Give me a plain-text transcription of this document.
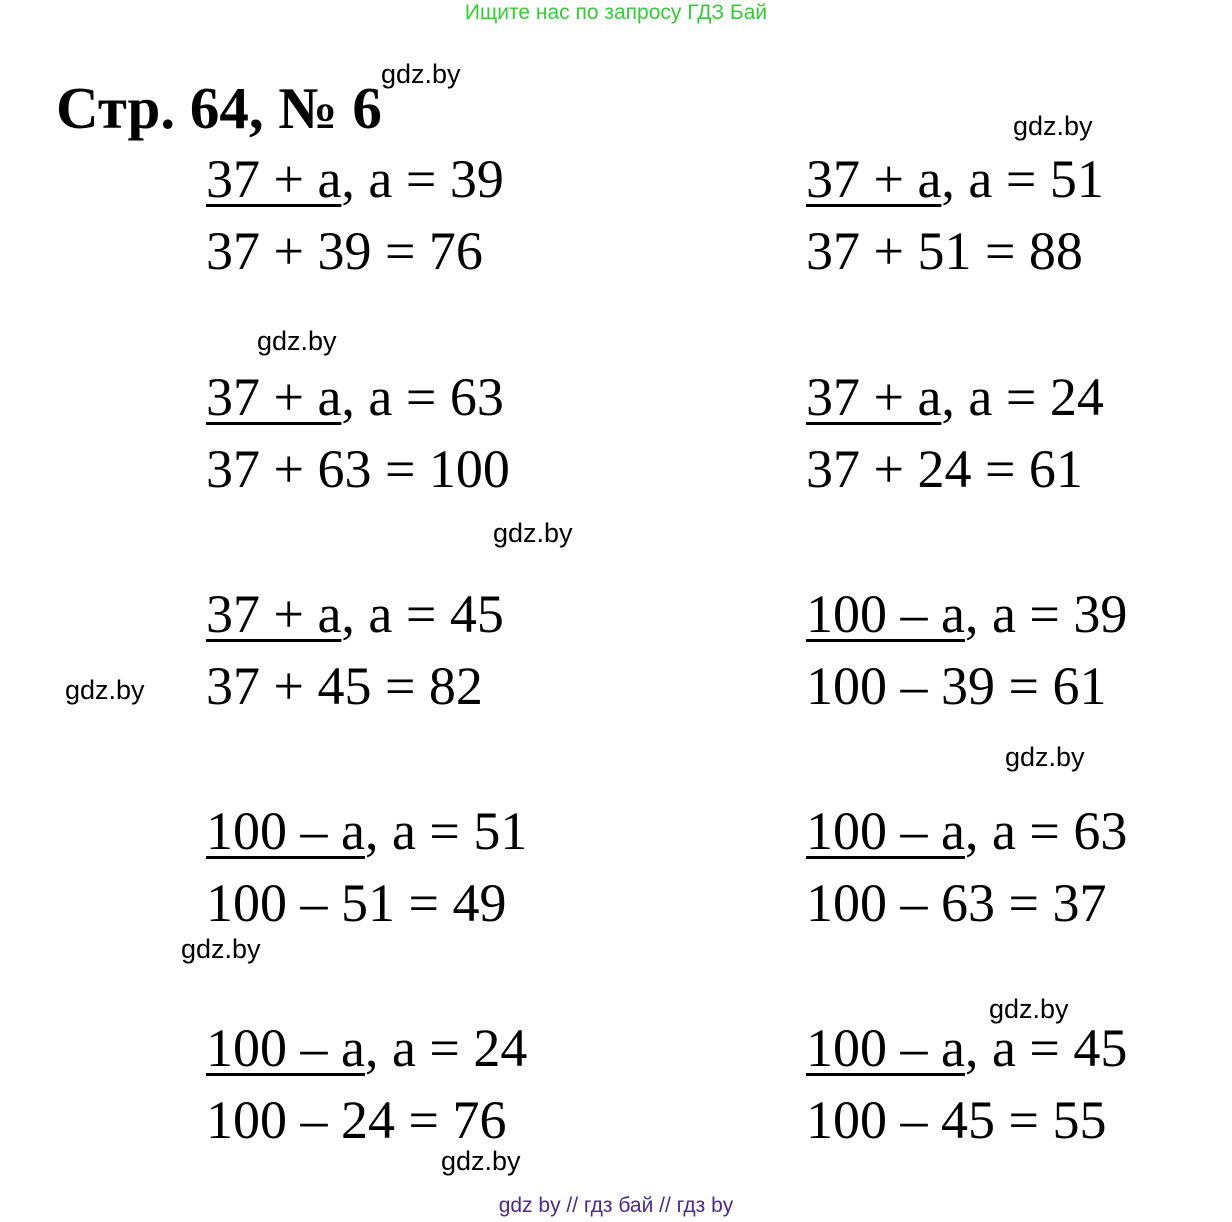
Ищите нас по запросу ГДЗ Бай
Стр. 64, № 6
gdz.by
gdz.by
gdz.by
gdz.by
gdz.by
gdz.by
gdz.by
gdz.by
gdz.by
37 + a, a = 39
37 + 39 = 76
37 + a, a = 51
37 + 51 = 88
37 + a, a = 63
37 + 63 = 100
37 + a, a = 24
37 + 24 = 61
37 + a, a = 45
37 + 45 = 82
100 – a, a = 39
100 – 39 = 61
100 – a, a = 51
100 – 51 = 49
100 – a, a = 63
100 – 63 = 37
100 – a, a = 24
100 – 24 = 76
100 – a, a = 45
100 – 45 = 55
gdz by // гдз бай // гдз by
